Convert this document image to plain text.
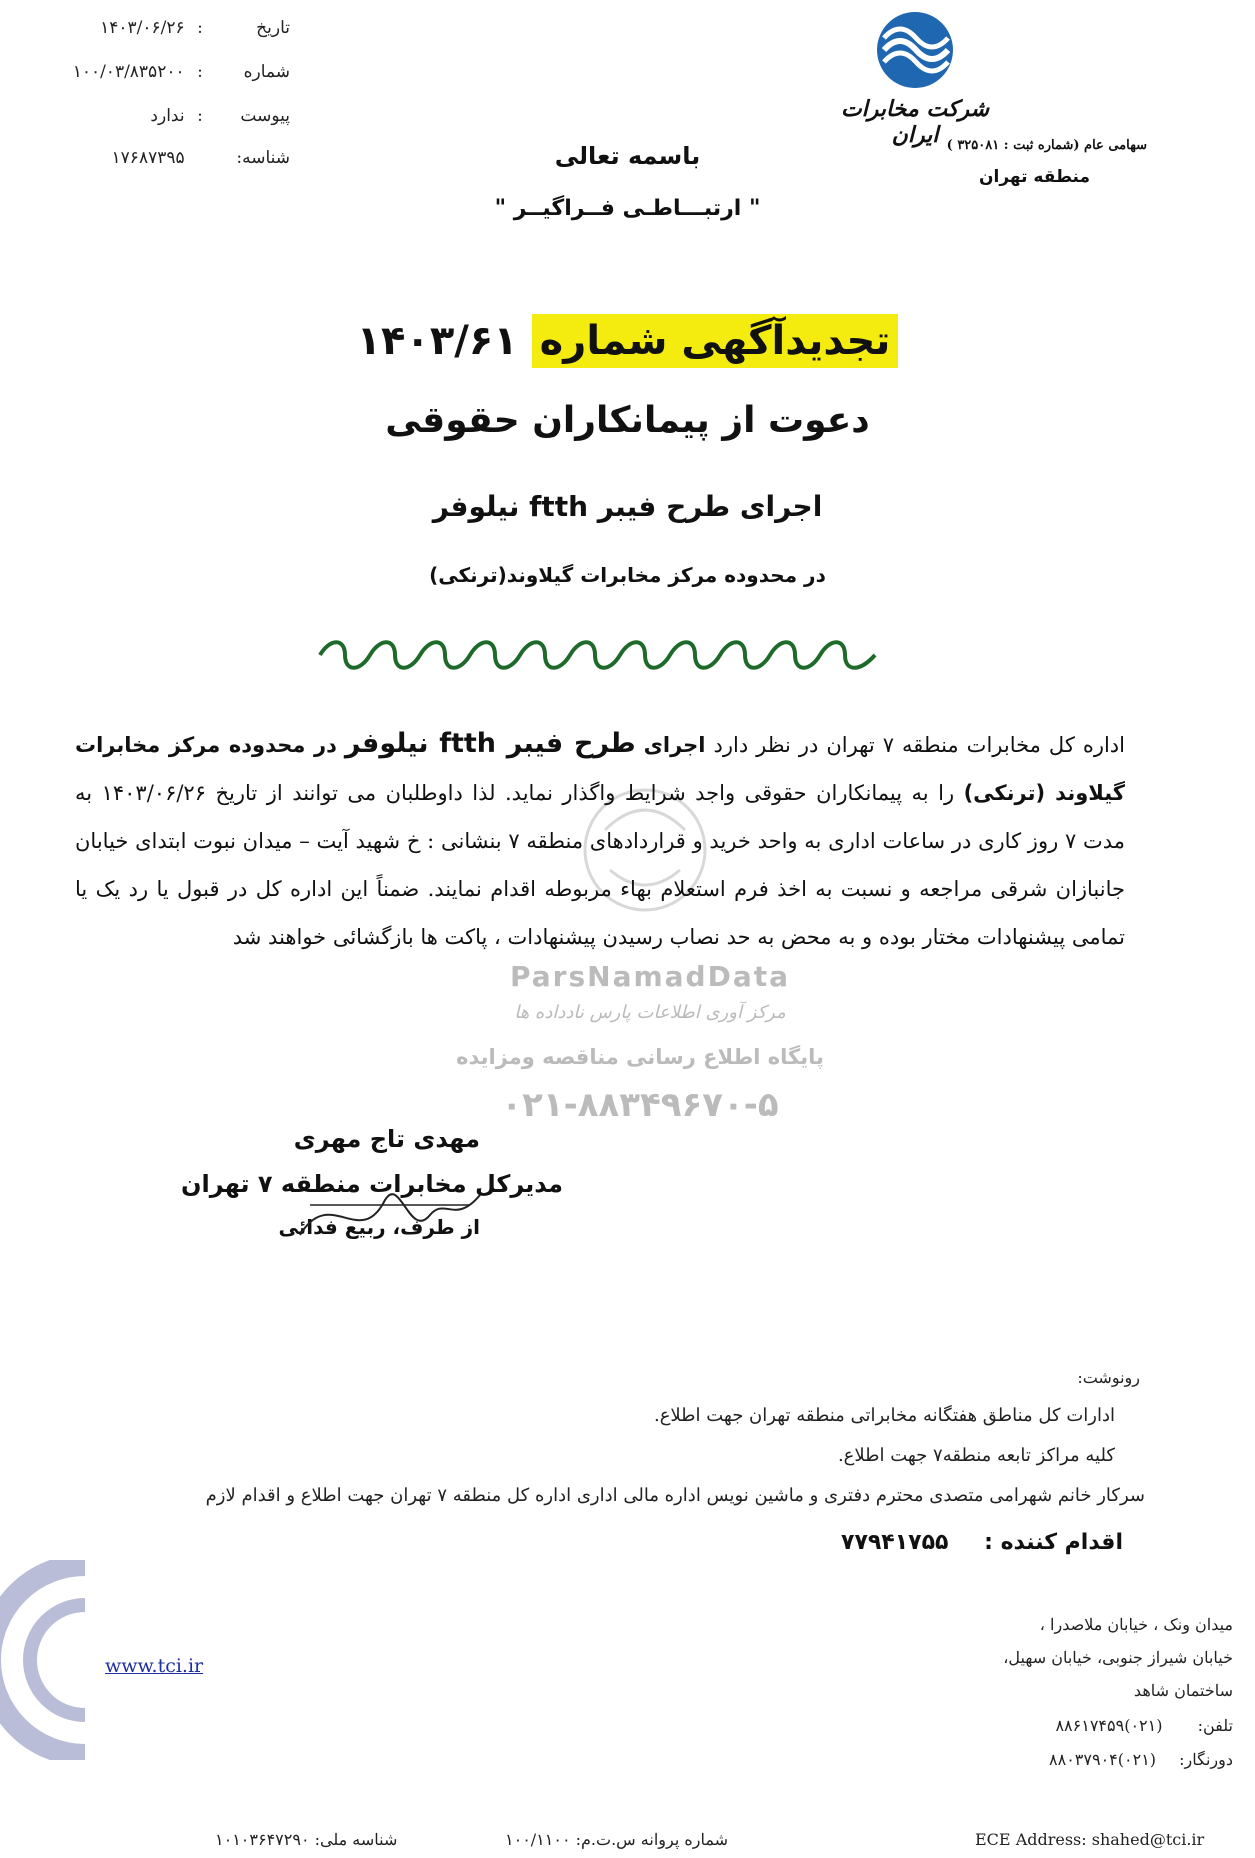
تاریخ: ۱۴۰۳/۰۶/۲۶
شماره: ۱۰۰/۰۳/۸۳۵۲۰۰
پیوست: ندارد
شناسه: ۱۷۶۸۷۳۹۵
شرکت مخابرات ایران سهامی عام (شماره ثبت : ۳۲۵۰۸۱ )
منطقه تهران
باسمه تعالی
" ارتبـــاطـی فــراگیــر "
تجدیدآگهی شماره ۱۴۰۳/۶۱
دعوت از پیمانکاران حقوقی
اجرای طرح فیبر ftth نیلوفر
در محدوده مرکز مخابرات گیلاوند(ترنکی)
ParsNamadData
مرکز آوری اطلاعات پارس نادداده ها
پایگاه اطلاع رسانی مناقصه ومزایده
۰۲۱-۸۸۳۴۹۶۷۰-۵
اداره کل مخابرات منطقه ۷ تهران در نظر دارد اجرای طرح فیبر ftth نیلوفر در محدوده مرکز مخابرات گیلاوند (ترنکی) را به پیمانکاران حقوقی واجد شرایط واگذار نماید. لذا داوطلبان می توانند از تاریخ ۱۴۰۳/۰۶/۲۶ به مدت ۷ روز کاری در ساعات اداری به واحد خرید و قراردادهای منطقه ۷ بنشانی : خ شهید آیت – میدان نبوت ابتدای خیابان جانبازان شرقی مراجعه و نسبت به اخذ فرم استعلام بهاء مربوطه اقدام نمایند. ضمناً این اداره کل در قبول یا رد یک یا تمامی پیشنهادات مختار بوده و به محض به حد نصاب رسیدن پیشنهادات ، پاکت ها بازگشائی خواهند شد
مهدی تاج مهری
مدیرکل مخابرات منطقه ۷ تهران
از طرف، ربیع فدائی
رونوشت:
ادارات کل مناطق هفتگانه مخابراتی منطقه تهران جهت اطلاع.
کلیه مراکز تابعه منطقه۷ جهت اطلاع.
سرکار خانم شهرامی متصدی محترم دفتری و ماشین نویس اداره مالی اداری اداره کل منطقه ۷ تهران جهت اطلاع و اقدام لازم
اقدام کننده : ۷۷۹۴۱۷۵۵
www.tci.ir
میدان ونک ، خیابان ملاصدرا ،
خیابان شیراز جنوبی، خیابان سهیل،
ساختمان شاهد
تلفن: (۰۲۱)۸۸۶۱۷۴۵۹
دورنگار: (۰۲۱)۸۸۰۳۷۹۰۴
شناسه ملی: ۱۰۱۰۳۶۴۷۲۹۰	شماره پروانه س.ت.م: ۱۰۰/۱۱۰۰	ECE Address: shahed@tci.ir
